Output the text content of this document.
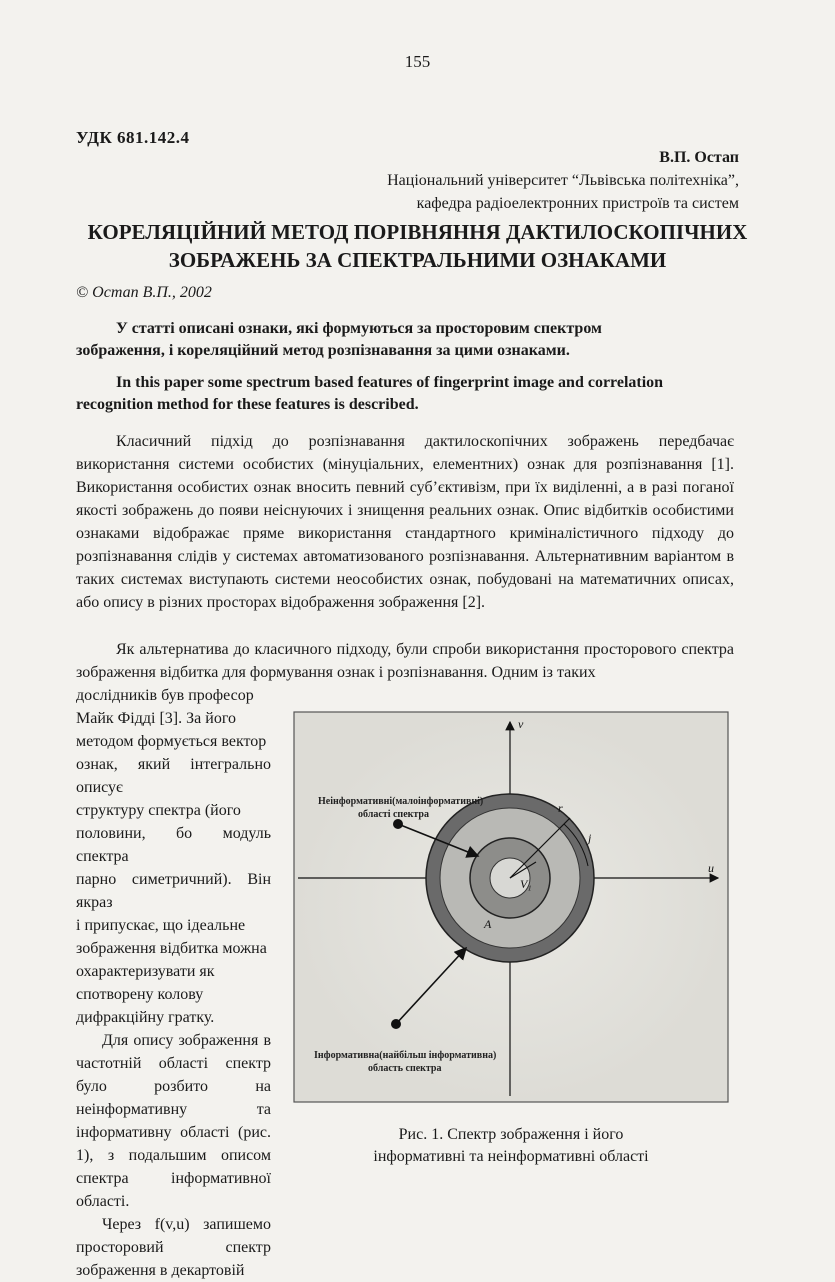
155
УДК 681.142.4
В.П. Остап
Національний університет “Львівська політехніка”,
кафедра радіоелектронних пристроїв та систем
КОРЕЛЯЦІЙНИЙ МЕТОД ПОРІВНЯННЯ ДАКТИЛОСКОПІЧНИХ
ЗОБРАЖЕНЬ ЗА СПЕКТРАЛЬНИМИ ОЗНАКАМИ
© Остап В.П., 2002
У статті описані ознаки, які формуються за просторовим спектром
зображення, і кореляційний метод розпізнавання за цими ознаками.
In this paper some spectrum based features of fingerprint image and correlation
recognition method for these features is described.
Класичний підхід до розпізнавання дактилоскопічних зображень передбачає використання системи особистих (мінуціальних, елементних) ознак для розпізнавання [1]. Використання особистих ознак вносить певний суб’єктивізм, при їх виділенні, а в разі поганої якості зображень до появи неіснуючих і знищення реальних ознак. Опис відбитків особистими ознаками відображає пряме використання стандартного криміналістичного підходу до розпізнавання слідів у системах автоматизованого розпізнавання. Альтернативним варіантом в таких системах виступають системи неособистих ознак, побудовані на математичних описах, або опису в різних просторах відображення зображення [2].
Як альтернатива до класичного підходу, були спроби використання просторового спектра зображення відбитка для формування ознак і розпізнавання. Одним із таких

дослідників був професор

Майк Фідді [3]. За його

методом формується вектор

ознак, який інтегрально описує

структуру спектра (його

половини, бо модуль спектра

парно симетричний). Він якраз

і припускає, що ідеальне

зображення відбитка можна

охарактеризувати як

спотворену колову

дифракційну гратку.

Для опису зображення в частотній області спектр було розбито на неінформативну та інформативну області (рис. 1), з подальшим описом спектра інформативної області.

Через f(v,u) запишемо просторовий спектр зображення в декартовій

v
u
r
j
V₁
A
Неінформативні(малоінформативні)
області спектра
Інформативна(найбільш інформативна)
область спектра
Рис. 1. Спектр зображення і його
інформативні та неінформативні області
